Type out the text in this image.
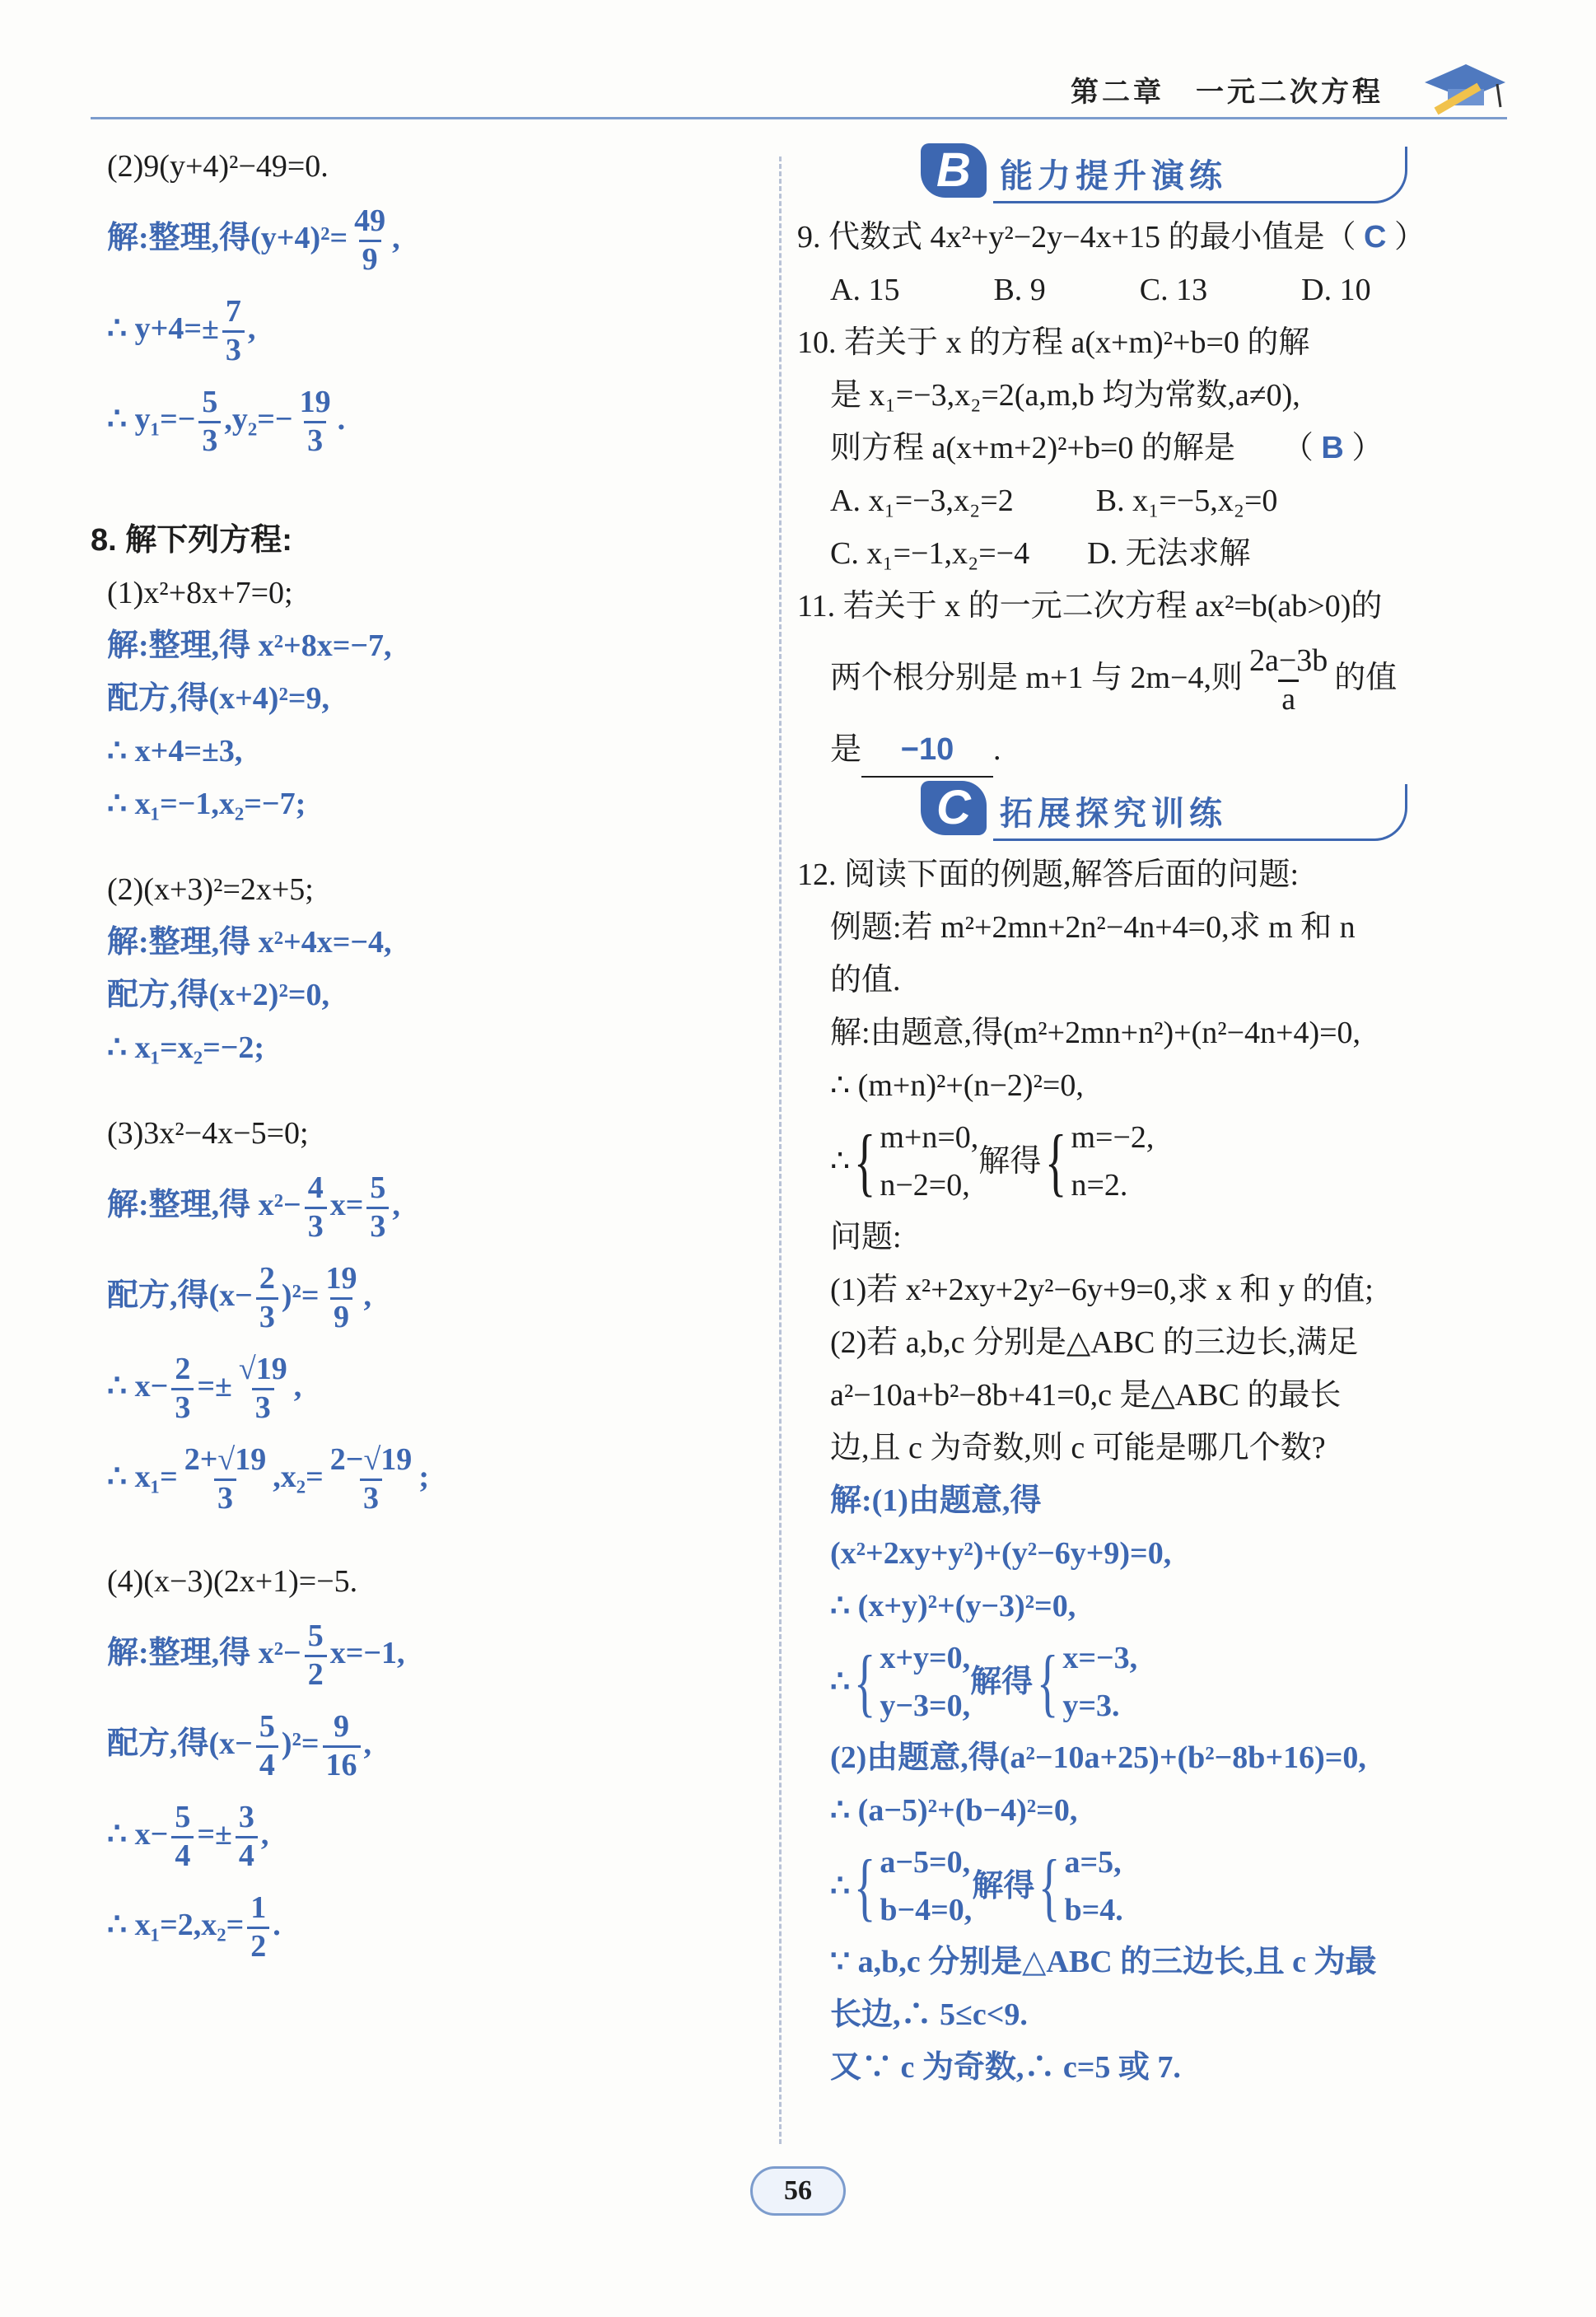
第二章　一元二次方程
(2)9(y+4)²−49=0.
解:整理,得$(y+4)^2= \frac{49}{9}$ ,
∴ $y+4=\pm \frac{7}{3}$ ,
∴ $y_1=- \frac{5}{3} ,y_2=- \frac{19}{3}$ .
8. 解下列方程:
(1)x²+8x+7=0;
解:整理,得 x²+8x=−7,
配方,得(x+4)²=9,
∴ x+4=±3,
∴ x₁=−1,x₂=−7;
(2)(x+3)²=2x+5;
解:整理,得 x²+4x=−4,
配方,得(x+2)²=0,
∴ x₁=x₂=−2;
(3)3x²−4x−5=0;
解:整理,得 $x^2- \frac{4}{3} x= \frac{5}{3}$ ,
配方,得$(x- \frac{2}{3} )^2= \frac{19}{9}$ ,
∴ $x- \frac{2}{3} =\pm \frac{√19}{3}$ ,
∴ $x_1= \frac{2+√19}{3} ,x_2= \frac{2-√19}{3}$ ;
(4)(x−3)(2x+1)=−5.
解:整理,得 $x^2- \frac{5}{2} x=-1$,
配方,得$(x- \frac{5}{4} )^2= \frac{9}{16}$ ,
∴ $x- \frac{5}{4} =\pm \frac{3}{4}$ ,
∴ $x_1=2,x_2= \frac{1}{2}$ .
B 能力提升演练
9. 代数式 4x²+y²−2y−4x+15 的最小值是（ C ）
A. 15　　　B. 9　　　C. 13　　　D. 10
10. 若关于 x 的方程 a(x+m)²+b=0 的解
是 x₁=−3,x₂=2(a,m,b 均为常数,a≠0),
则方程 a(x+m+2)²+b=0 的解是　　（ B ）
A. x₁=−3,x₂=2	B. x₁=−5,x₂=0
C. x₁=−1,x₂=−4 D. 无法求解
11. 若关于 x 的一元二次方程 ax²=b(ab>0)的
两个根分别是 m+1 与 2m−4,则 $\frac{2a-3b}{a}$ 的值
是 −10 .
C 拓展探究训练
12. 阅读下面的例题,解答后面的问题:
例题:若 m²+2mn+2n²−4n+4=0,求 m 和 n
的值.
解:由题意,得(m²+2mn+n²)+(n²−4n+4)=0,
∴ (m+n)²+(n−2)²=0,
∴ { m+n=0,
n−2=0,
解得 { m=−2,
n=2.
问题:
(1)若 x²+2xy+2y²−6y+9=0,求 x 和 y 的值;
(2)若 a,b,c 分别是△ABC 的三边长,满足
a²−10a+b²−8b+41=0,c 是△ABC 的最长
边,且 c 为奇数,则 c 可能是哪几个数?
解:(1)由题意,得
(x²+2xy+y²)+(y²−6y+9)=0,
∴ (x+y)²+(y−3)²=0,
∴ { x+y=0,
y−3=0,
解得 { x=−3,
y=3.
(2)由题意,得(a²−10a+25)+(b²−8b+16)=0,
∴ (a−5)²+(b−4)²=0,
∴ { a−5=0,
b−4=0,
解得 { a=5,
b=4.
∵ a,b,c 分别是△ABC 的三边长,且 c 为最
长边,∴ 5≤c<9.
又∵ c 为奇数,∴ c=5 或 7.
56
